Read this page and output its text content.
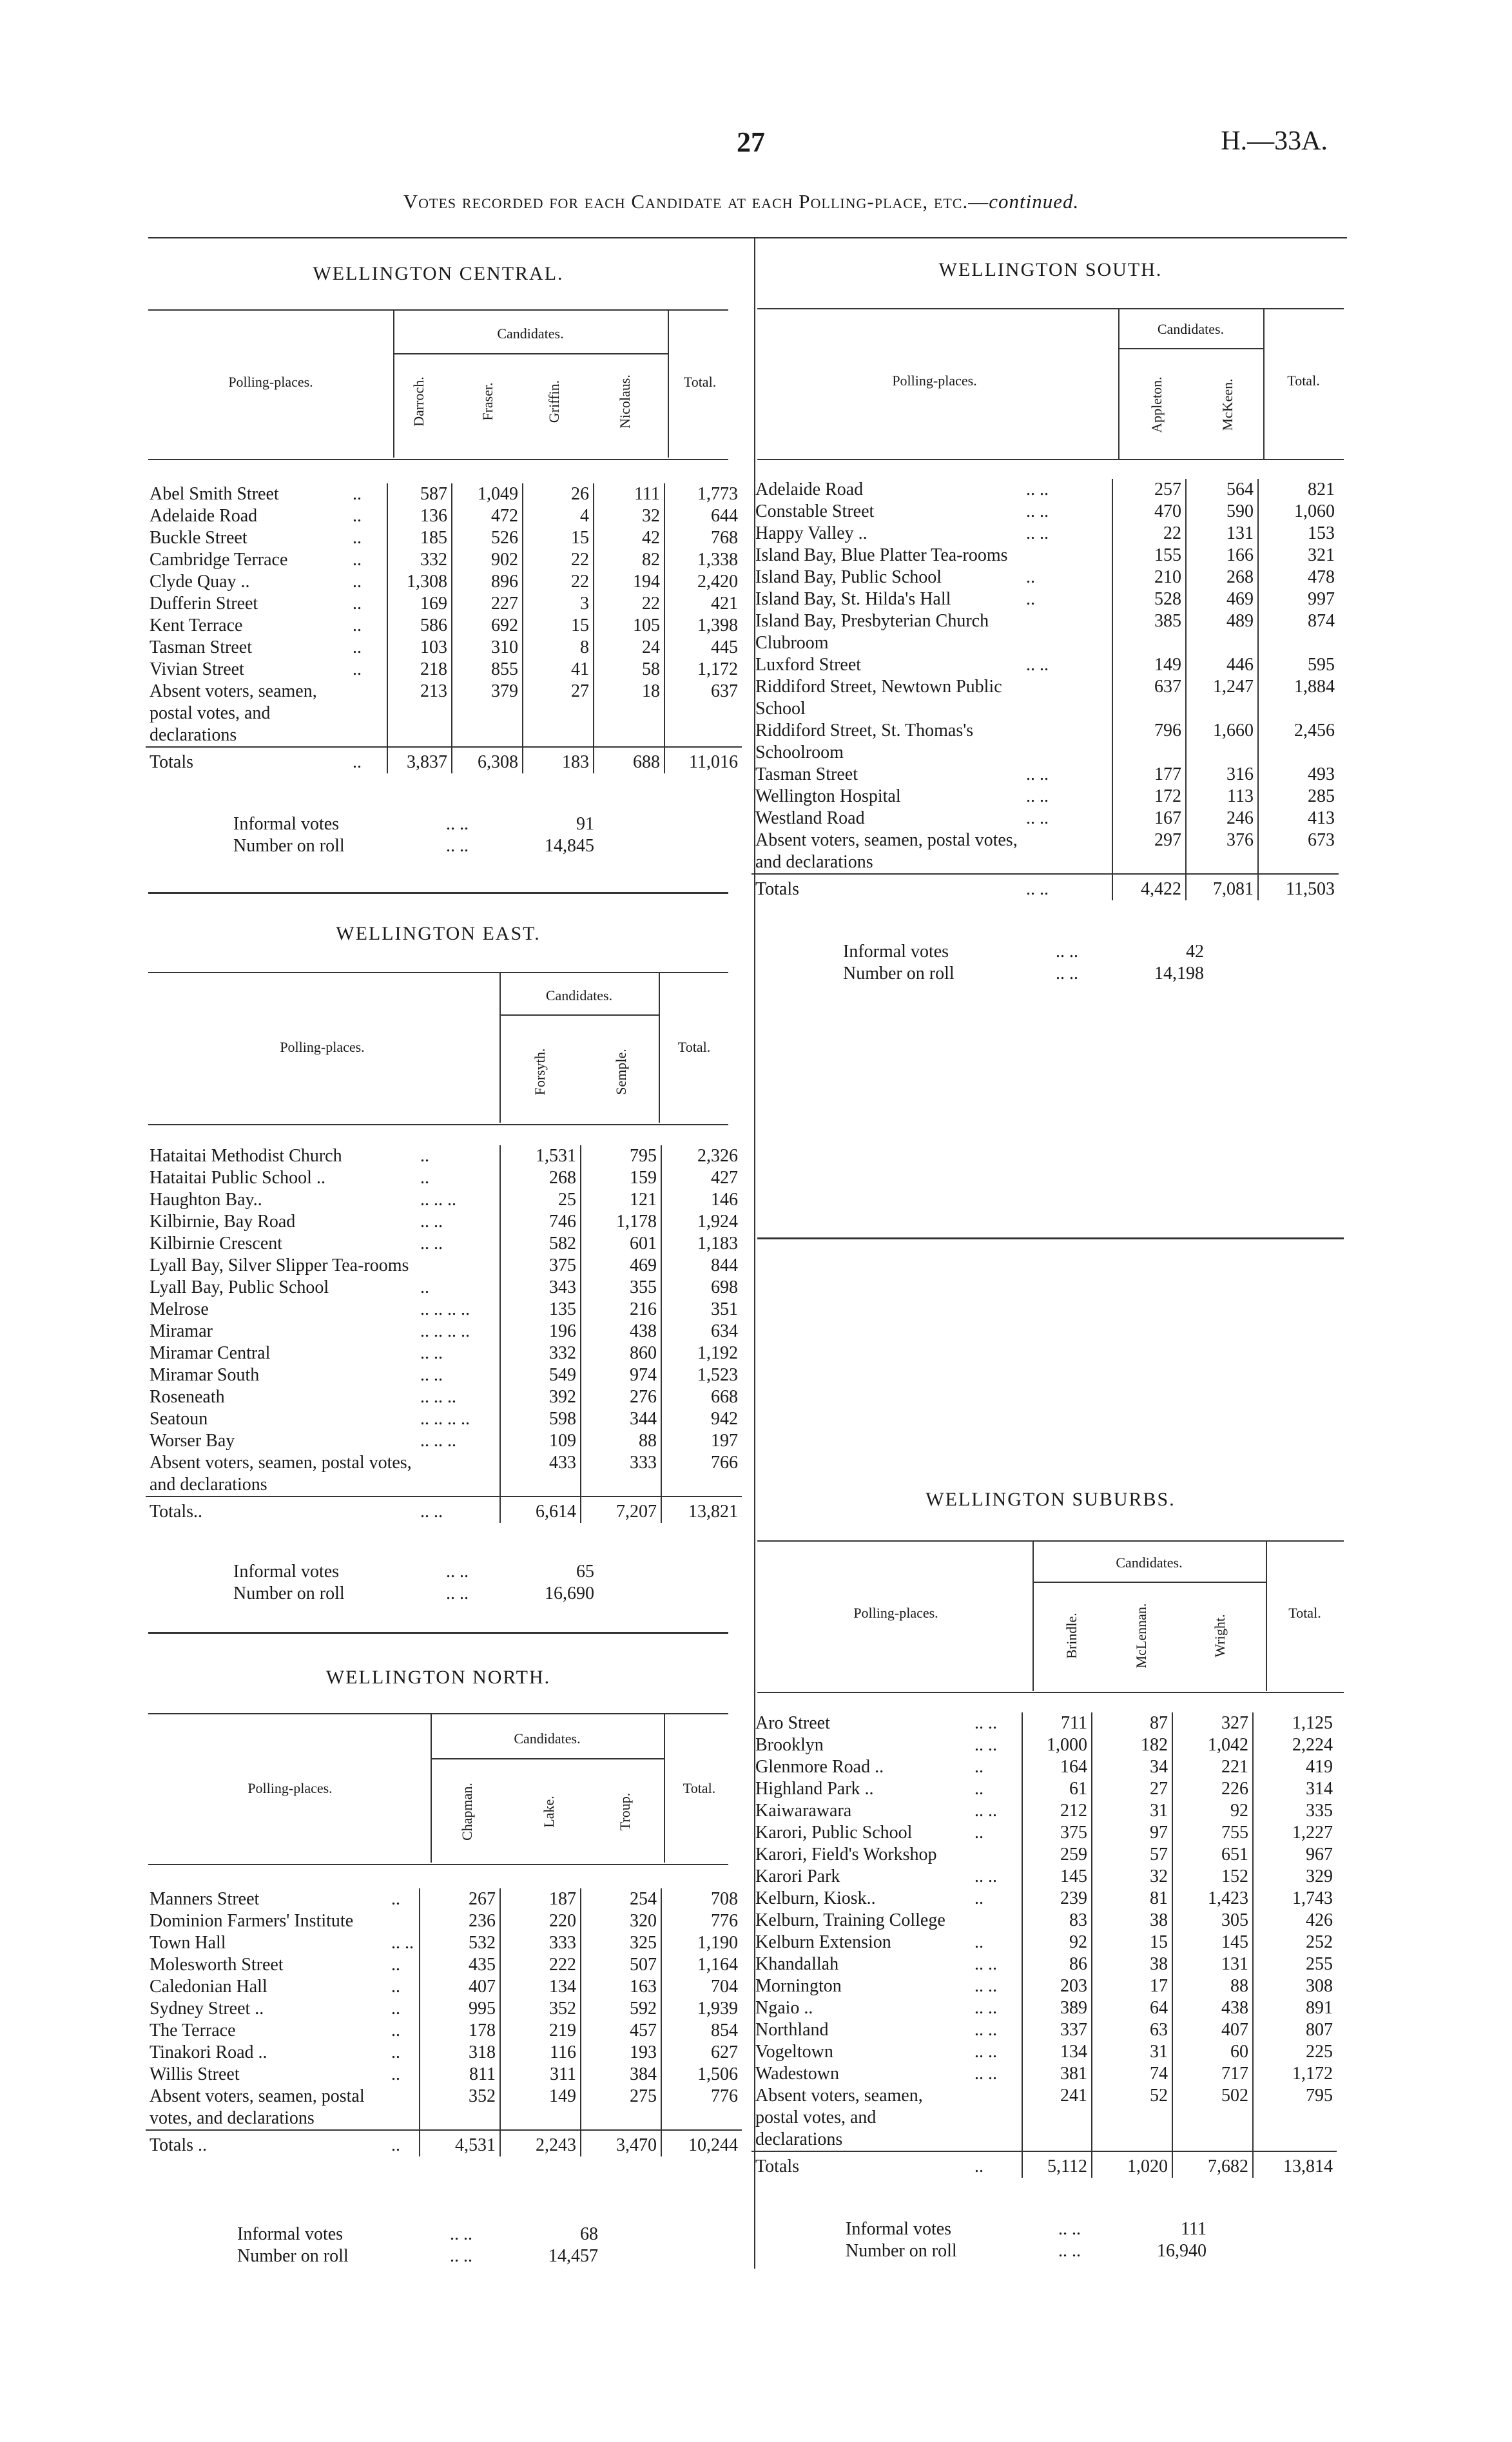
27	H.—33A.
Votes recorded for each Candidate at each Polling-place, etc.—continued.
WELLINGTON CENTRAL.
Candidates.
Polling-places.	Darroch.	Fraser.	Griffin.	Nicolaus.	Total.
Abel Smith Street	..	587	1,049	26	111	1,773
Adelaide Road	..	136	472	4	32	644
Buckle Street	..	185	526	15	42	768
Cambridge Terrace	..	332	902	22	82	1,338
Clyde Quay ..	..	1,308	896	22	194	2,420
Dufferin Street	..	169	227	3	22	421
Kent Terrace	..	586	692	15	105	1,398
Tasman Street	..	103	310	8	24	445
Vivian Street	..	218	855	41	58	1,172
Absent voters, seamen, postal votes, and declarations		213	379	27	18	637
Totals	..	3,837	6,308	183	688	11,016
Informal votes	.. ..	91
Number on roll	.. ..	14,845
WELLINGTON EAST.
Candidates.
Polling-places.
Forsyth.	Semple.
Total.
Hataitai Methodist Church	..	1,531	795	2,326
Hataitai Public School ..	..	268	159	427
Haughton Bay..	.. .. ..	25	121	146
Kilbirnie, Bay Road	.. ..	746	1,178	1,924
Kilbirnie Crescent	.. ..	582	601	1,183
Lyall Bay, Silver Slipper Tea-rooms		375	469	844
Lyall Bay, Public School	..	343	355	698
Melrose	.. .. .. ..	135	216	351
Miramar	.. .. .. ..	196	438	634
Miramar Central	.. ..	332	860	1,192
Miramar South	.. ..	549	974	1,523
Roseneath	.. .. ..	392	276	668
Seatoun	.. .. .. ..	598	344	942
Worser Bay	.. .. ..	109	88	197
Absent voters, seamen, postal votes, and declarations		433	333	766
Totals..	.. ..	6,614	7,207	13,821
Informal votes	.. ..	65
Number on roll	.. ..	16,690
WELLINGTON NORTH.
Candidates.
Polling-places.	Chapman.	Lake.	Troup.
Total.
Manners Street	..	267	187	254	708
Dominion Farmers' Institute		236	220	320	776
Town Hall	.. ..	532	333	325	1,190
Molesworth Street	..	435	222	507	1,164
Caledonian Hall	..	407	134	163	704
Sydney Street ..	..	995	352	592	1,939
The Terrace	..	178	219	457	854
Tinakori Road ..	..	318	116	193	627
Willis Street	..	811	311	384	1,506
Absent voters, seamen, postal votes, and declarations		352	149	275	776
Totals ..	..	4,531	2,243	3,470	10,244
Informal votes	.. ..	68
Number on roll	.. ..	14,457
WELLINGTON SOUTH.
Candidates.
Polling-places.	Appleton.	McKeen.	Total.
Adelaide Road	.. ..	257	564	821
Constable Street	.. ..	470	590	1,060
Happy Valley ..	.. ..	22	131	153
Island Bay, Blue Platter Tea-rooms		155	166	321
Island Bay, Public School	..	210	268	478
Island Bay, St. Hilda's Hall	..	528	469	997
Island Bay, Presbyterian Church Clubroom		385	489	874
Luxford Street	.. ..	149	446	595
Riddiford Street, Newtown Public School		637	1,247	1,884
Riddiford Street, St. Thomas's Schoolroom		796	1,660	2,456
Tasman Street	.. ..	177	316	493
Wellington Hospital	.. ..	172	113	285
Westland Road	.. ..	167	246	413
Absent voters, seamen, postal votes, and declarations		297	376	673
Totals	.. ..	4,422	7,081	11,503
Informal votes	.. ..	42
Number on roll	.. ..	14,198
WELLINGTON SUBURBS.
Candidates.
Polling-places.	Brindle.	McLennan.	Wright.
Total.
Aro Street	.. ..	711	87	327	1,125
Brooklyn	.. ..	1,000	182	1,042	2,224
Glenmore Road ..	..	164	34	221	419
Highland Park ..	..	61	27	226	314
Kaiwarawara	.. ..	212	31	92	335
Karori, Public School	..	375	97	755	1,227
Karori, Field's Workshop		259	57	651	967
Karori Park	.. ..	145	32	152	329
Kelburn, Kiosk..	..	239	81	1,423	1,743
Kelburn, Training College		83	38	305	426
Kelburn Extension	..	92	15	145	252
Khandallah	.. ..	86	38	131	255
Mornington	.. ..	203	17	88	308
Ngaio ..	.. ..	389	64	438	891
Northland	.. ..	337	63	407	807
Vogeltown	.. ..	134	31	60	225
Wadestown	.. ..	381	74	717	1,172
Absent voters, seamen, postal votes, and declarations		241	52	502	795
Totals	..	5,112	1,020	7,682	13,814
Informal votes	.. ..	111
Number on roll	.. ..	16,940
